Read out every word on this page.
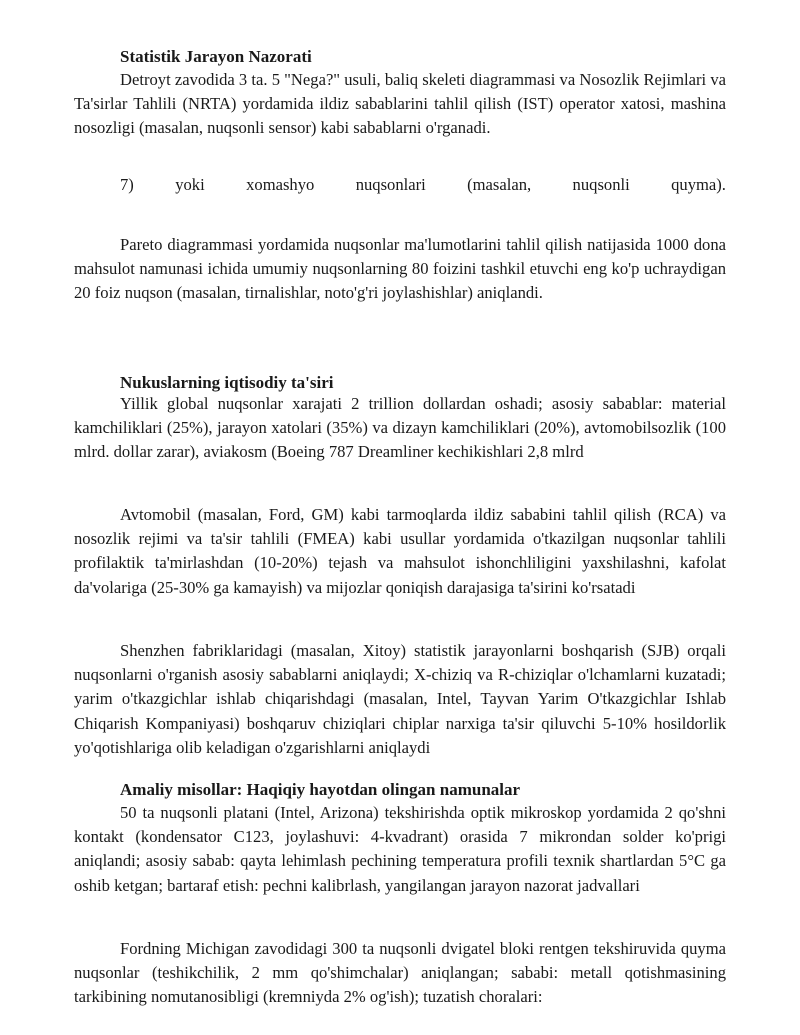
Statistik Jarayon Nazorati

Detroyt zavodida 3 ta. 5 "Nega?" usuli, baliq skeleti diagrammasi va Nosozlik Rejimlari va Ta'sirlar Tahlili (NRTA) yordamida ildiz sabablarini tahlil qilish (IST) operator xatosi, mashina nosozligi (masalan, nuqsonli sensor) kabi sabablarni o'rganadi.

7) yoki xomashyo nuqsonlari (masalan, nuqsonli quyma).

Pareto diagrammasi yordamida nuqsonlar ma'lumotlarini tahlil qilish natijasida 1000 dona mahsulot namunasi ichida umumiy nuqsonlarning 80 foizini tashkil etuvchi eng ko'p uchraydigan 20 foiz nuqson (masalan, tirnalishlar, noto'g'ri joylashishlar) aniqlandi.

Nukuslarning iqtisodiy ta'siri

Yillik global nuqsonlar xarajati 2 trillion dollardan oshadi; asosiy sabablar: material kamchiliklari (25%), jarayon xatolari (35%) va dizayn kamchiliklari (20%), avtomobilsozlik (100 mlrd. dollar zarar), aviakosm (Boeing 787 Dreamliner kechikishlari 2,8 mlrd

Avtomobil (masalan, Ford, GM) kabi tarmoqlarda ildiz sababini tahlil qilish (RCA) va nosozlik rejimi va ta'sir tahlili (FMEA) kabi usullar yordamida o'tkazilgan nuqsonlar tahlili profilaktik ta'mirlashdan (10-20%) tejash va mahsulot ishonchliligini yaxshilashni, kafolat da'volariga (25-30% ga kamayish) va mijozlar qoniqish darajasiga ta'sirini ko'rsatadi

Shenzhen fabriklaridagi (masalan, Xitoy) statistik jarayonlarni boshqarish (SJB) orqali nuqsonlarni o'rganish asosiy sabablarni aniqlaydi; X-chiziq va R-chiziqlar o'lchamlarni kuzatadi; yarim o'tkazgichlar ishlab chiqarishdagi (masalan, Intel, Tayvan Yarim O'tkazgichlar Ishlab Chiqarish Kompaniyasi) boshqaruv chiziqlari chiplar narxiga ta'sir qiluvchi 5-10% hosildorlik yo'qotishlariga olib keladigan o'zgarishlarni aniqlaydi

Amaliy misollar: Haqiqiy hayotdan olingan namunalar

50 ta nuqsonli platani (Intel, Arizona) tekshirishda optik mikroskop yordamida 2 qo'shni kontakt (kondensator C123, joylashuvi: 4-kvadrant) orasida 7 mikrondan solder ko'prigi aniqlandi; asosiy sabab: qayta lehimlash pechining temperatura profili texnik shartlardan 5°C ga oshib ketgan; bartaraf etish: pechni kalibrlash, yangilangan jarayon nazorat jadvallari

Fordning Michigan zavodidagi 300 ta nuqsonli dvigatel bloki rentgen tekshiruvida quyma nuqsonlar (teshikchilik, 2 mm qo'shimchalar) aniqlangan; sababi: metall qotishmasining tarkibining nomutanosibligi (kremniyda 2% og'ish); tuzatish choralari:
